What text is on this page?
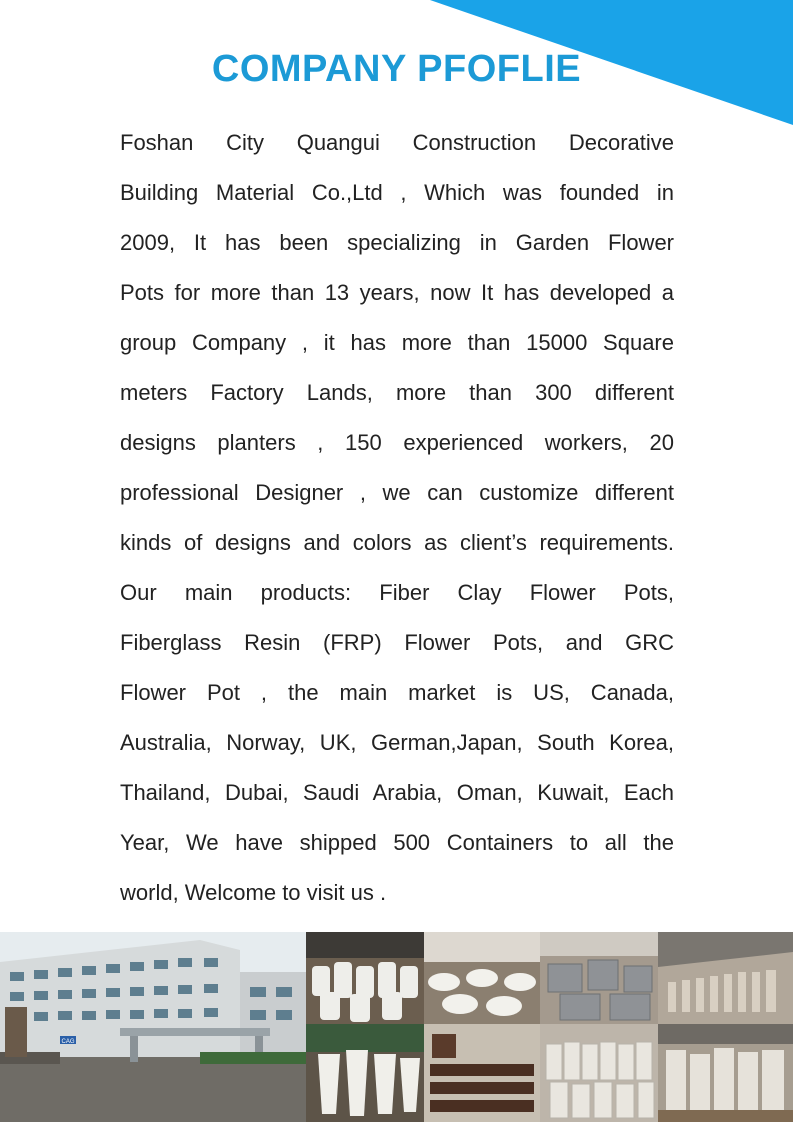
COMPANY PFOFLIE
Foshan City Quangui Construction Decorative
Building Material Co.,Ltd , Which was founded in
2009, It has been specializing in Garden Flower
Pots for more than 13 years, now It has developed a
group Company , it has more than 15000 Square
meters Factory Lands, more than 300 different
designs planters , 150 experienced workers, 20
professional Designer , we can customize different
kinds of designs and colors as client’s requirements.
Our main products: Fiber Clay Flower Pots,
Fiberglass Resin (FRP) Flower Pots, and GRC
Flower Pot , the main market is US, Canada,
Australia, Norway, UK, German,Japan, South Korea,
Thailand, Dubai, Saudi Arabia, Oman, Kuwait, Each
Year, We have shipped 500 Containers to all the
world, Welcome to visit us .
CAG
